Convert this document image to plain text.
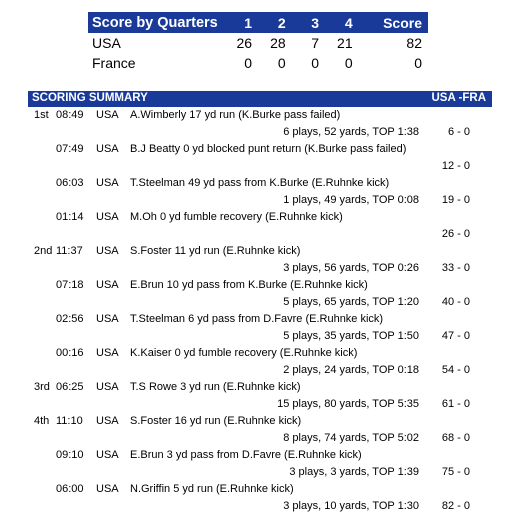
Score by Quarters	1	2	3	4	Score
USA	26	28	7	21	82
France	0	0	0	0	0
SCORING SUMMARY	USA -FRA
1st 08:49 USA A.Wimberly 17 yd run (K.Burke pass failed)
6 plays, 52 yards, TOP 1:38	6 - 0
07:49 USA B.J Beatty 0 yd blocked punt return (K.Burke pass failed)
12 - 0
06:03 USA T.Steelman 49 yd pass from K.Burke (E.Ruhnke kick)
1 plays, 49 yards, TOP 0:08 19 - 0
01:14 USA M.Oh 0 yd fumble recovery (E.Ruhnke kick)
26 - 0
2nd 11:37 USA S.Foster 11 yd run (E.Ruhnke kick)
3 plays, 56 yards, TOP 0:26 33 - 0
07:18 USA E.Brun 10 yd pass from K.Burke (E.Ruhnke kick)
5 plays, 65 yards, TOP 1:20 40 - 0
02:56 USA T.Steelman 6 yd pass from D.Favre (E.Ruhnke kick)
5 plays, 35 yards, TOP 1:50 47 - 0
00:16 USA K.Kaiser 0 yd fumble recovery (E.Ruhnke kick)
2 plays, 24 yards, TOP 0:18 54 - 0
3rd 06:25 USA T.S Rowe 3 yd run (E.Ruhnke kick)
15 plays, 80 yards, TOP 5:35 61 - 0
4th 11:10 USA S.Foster 16 yd run (E.Ruhnke kick)
8 plays, 74 yards, TOP 5:02 68 - 0
09:10 USA E.Brun 3 yd pass from D.Favre (E.Ruhnke kick)
3 plays, 3 yards, TOP 1:39 75 - 0
06:00 USA N.Griffin 5 yd run (E.Ruhnke kick)
3 plays, 10 yards, TOP 1:30 82 - 0
